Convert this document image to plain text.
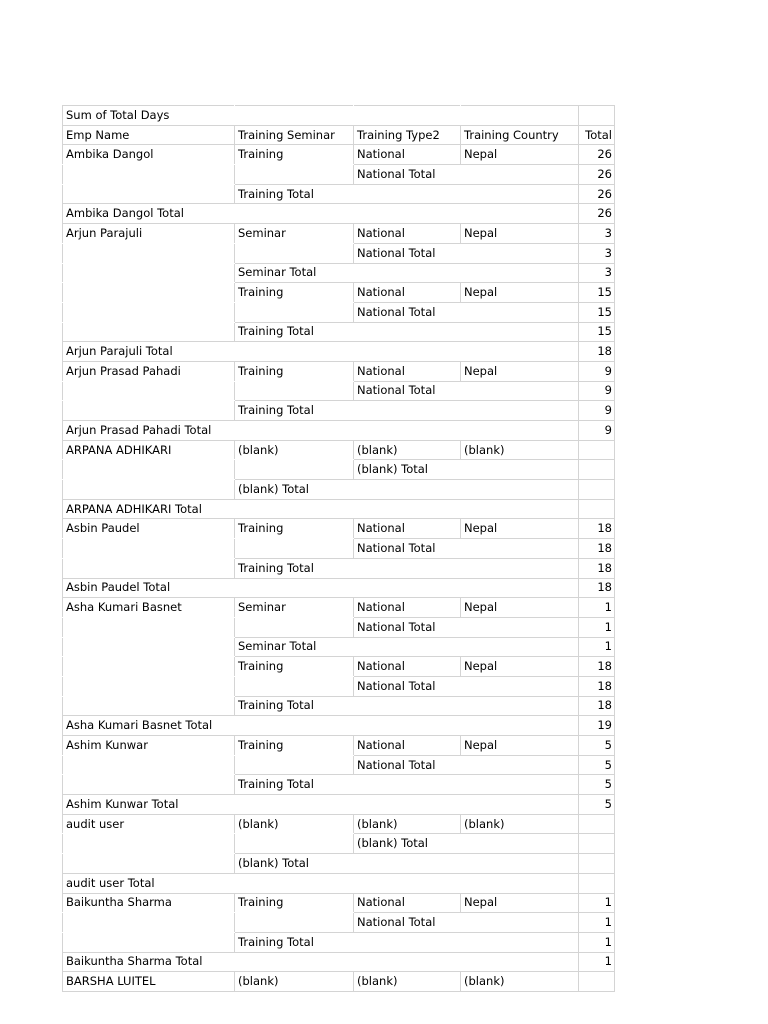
Sum of Total Days				
Emp Name	Training Seminar	Training Type2	Training Country	Total
Ambika Dangol	Training	National	Nepal	26
		National Total		26
	Training Total			26
Ambika Dangol Total				26
Arjun Parajuli	Seminar	National	Nepal	3
		National Total		3
	Seminar Total			3
	Training	National	Nepal	15
		National Total		15
	Training Total			15
Arjun Parajuli Total				18
Arjun Prasad Pahadi	Training	National	Nepal	9
		National Total		9
	Training Total			9
Arjun Prasad Pahadi Total				9
ARPANA ADHIKARI	(blank)	(blank)	(blank)	
		(blank) Total		
	(blank) Total			
ARPANA ADHIKARI Total				
Asbin Paudel	Training	National	Nepal	18
		National Total		18
	Training Total			18
Asbin Paudel Total				18
Asha Kumari Basnet	Seminar	National	Nepal	1
		National Total		1
	Seminar Total			1
	Training	National	Nepal	18
		National Total		18
	Training Total			18
Asha Kumari Basnet Total				19
Ashim Kunwar	Training	National	Nepal	5
		National Total		5
	Training Total			5
Ashim Kunwar Total				5
audit user	(blank)	(blank)	(blank)	
		(blank) Total		
	(blank) Total			
audit user Total				
Baikuntha Sharma	Training	National	Nepal	1
		National Total		1
	Training Total			1
Baikuntha Sharma Total				1
BARSHA LUITEL	(blank)	(blank)	(blank)	
